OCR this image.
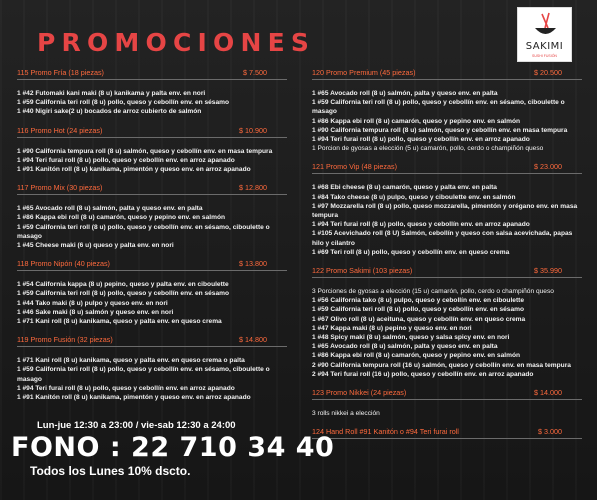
PROMOCIONES	SAKIMI
SUSHI FUSIÓN
115 Promo Fría (18 piezas)	$ 7.500

1 #42 Futomaki kani maki (8 u) kanikama y palta env. en nori

1 #59 California teri roll (8 u) pollo, queso y cebollín env. en sésamo

1 #40 Nigiri sake(2 u) bocados de arroz cubierto de salmón

116 Promo Hot (24 piezas)	$ 10.900

1 #90 California tempura roll (8 u) salmón, queso y cebollín env. en masa tempura

1 #94 Teri furai roll (8 u) pollo, queso y cebollín env. en arroz apanado

1 #91 Kanitón roll (8 u) kanikama, pimentón y queso env. en arroz apanado

117 Promo Mix (30 piezas)	$ 12.800

1 #65 Avocado roll (8 u) salmón, palta y queso env. en palta

1 #86 Kappa ebi roll (8 u) camarón, queso y pepino env. en salmón

1 #59 California teri roll (8 u) pollo, queso y cebollín env. en sésamo, ciboulette o masago

1 #45 Cheese maki (6 u) queso y palta env. en nori

118 Promo Nipón (40 piezas)	$ 13.800

1 #54 California kappa (8 u) pepino, queso y palta env. en ciboulette

1 #59 California teri roll (8 u) pollo, queso y cebollín env. en sésamo

1 #44 Tako maki (8 u) pulpo y queso env. en nori

1 #46 Sake maki (8 u) salmón y queso env. en nori

1 #71 Kani roll (8 u) kanikama, queso y palta env. en queso crema

119 Promo Fusión (32 piezas)	$ 14.800

1 #71 Kani roll (8 u) kanikama, queso y palta env. en queso crema o palta

1 #59 California teri roll (8 u) pollo, queso y cebollín env. en sésamo, ciboulette o masago

1 #94 Teri furai roll (8 u) pollo, queso y cebollín env. en arroz apanado

1 #91 Kanitón roll (8 u) kanikama, pimentón y queso env. en arroz apanado

120 Promo Premium (45 piezas)	$ 20.500

1 #65 Avocado roll (8 u) salmón, palta y queso env. en palta

1 #59 California teri roll (8 u) pollo, queso y cebollín env. en sésamo, ciboulette o masago

1 #86 Kappa ebi roll (8 u) camarón, queso y pepino env. en salmón

1 #90 California tempura roll (8 u) salmón, queso y cebollín env. en masa tempura

1 #94 Teri furai roll (8 u) pollo, queso y cebollín env. en arroz apanado

1 Porcion de gyosas a elección (5 u) camarón, pollo, cerdo o champiñón queso

121 Promo Vip (48 piezas)	$ 23.000

1 #68 Ebi cheese (8 u) camarón, queso y palta env. en palta

1 #84 Tako cheese (8 u) pulpo, queso y ciboulette env. en salmón

1 #97 Mozzarella roll (8 u) pollo, queso mozzarella, pimentón y orégano env. en masa tempura

1 #94 Teri furai roll (8 u) pollo, queso y cebollín env. en arroz apanado

1 #105 Acevichado roll (8 U) Salmón, cebollín y queso con salsa acevichada, papas hilo y cilantro

1 #69 Teri roll (8 u) pollo, queso y cebollín env. en queso crema

122 Promo Sakimi (103 piezas)	$ 35.990

3 Porciones de gyosas a elección (15 u) camarón, pollo, cerdo o champiñón queso

1 #56 California tako (8 u) pulpo, queso y cebollín env. en ciboulette

1 #59 California teri roll (8 u) pollo, queso y cebollín env. en sésamo

1 #67 Olivo roll (8 u) aceituna, queso y cebollín env. en queso crema

1 #47 Kappa maki (8 u) pepino y queso env. en nori

1 #48 Spicy maki (8 u) salmón, queso y salsa spicy env. en nori

1 #65 Avocado roll (8 u) salmón, palta y queso env. en palta

1 #86 Kappa ebi roll (8 u) camarón, queso y pepino env. en salmón

2 #90 California tempura roll (16 u) salmón, queso y cebollín env. en masa tempura

2 #94 Teri furai roll (16 u) pollo, queso y cebollín env. en arroz apanado

123 Promo Nikkei (24 piezas)	$ 14.000

3 rolls nikkei a elección

124 Hand Roll #91 Kanitón o #94 Teri furai roll	$ 3.000
Lun-jue 12:30 a 23:00 / vie-sab 12:30 a 24:00
FONO : 22 710 34 40
Todos los Lunes 10% dscto.
